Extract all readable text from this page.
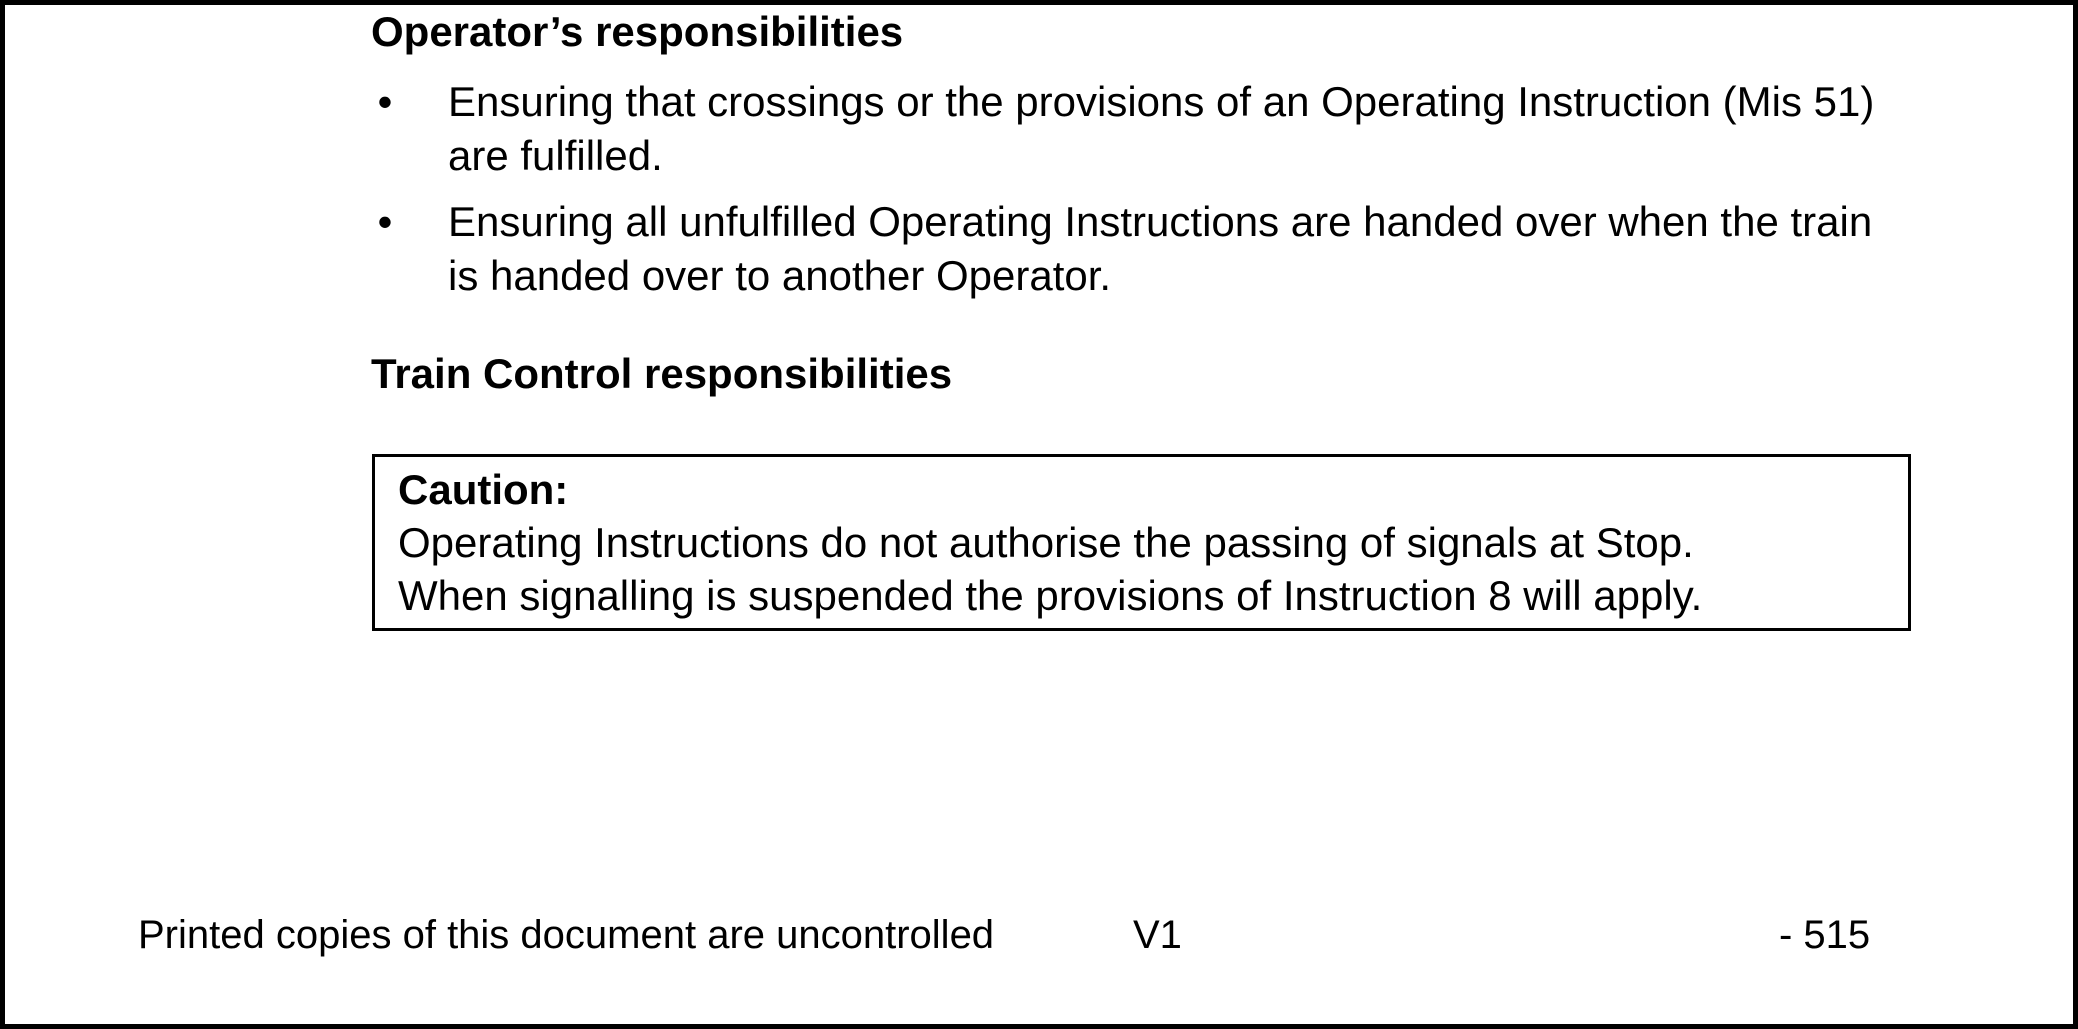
Operator’s responsibilities
• Ensuring that crossings or the provisions of an Operating Instruction (Mis 51) are fulfilled.
• Ensuring all unfulfilled Operating Instructions are handed over when the train is handed over to another Operator.
Train Control responsibilities
Caution:
Operating Instructions do not authorise the passing of signals at Stop.
When signalling is suspended the provisions of Instruction 8 will apply.
Printed copies of this document are uncontrolled	V1	- 515
